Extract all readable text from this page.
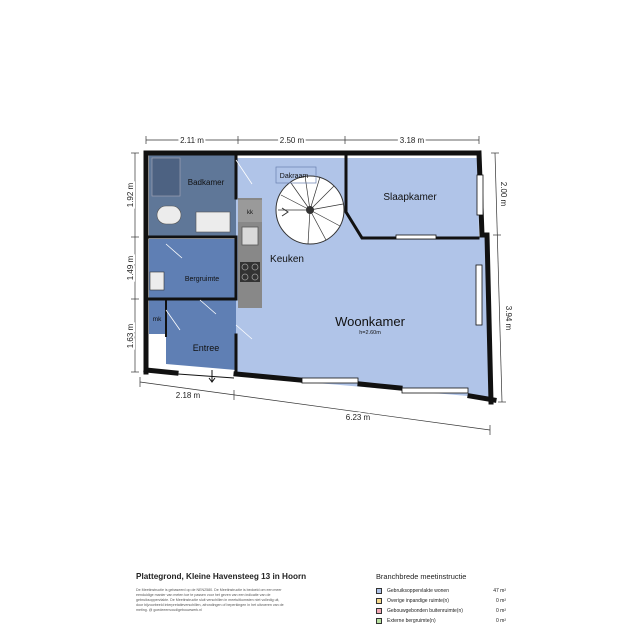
2.11 m	2.50 m	3.18 m
1.92 m
1.49 m
1.63 m
2.00 m
3.94 m
2.18 m
6.23 m
Badkamer
Dakraam
Slaapkamer
Keuken
kk
Bergruimte
Woonkamer
h=2.60m
mk
Entree
Plattegrond, Kleine Havensteeg 13 in Hoorn
De Meetinstructie is gebaseerd op de NEN2580. De Meetinstructie is bedoeld om een meer eenduidige manier van meten toe te passen voor het geven van een indicatie van de gebruiksoppervlakte. De Meetinstructie sluit verschillen in meetuitkomsten niet volledig uit, door bijvoorbeeld interpretatieverschillen, afrondingen of beperkingen in het uitvoeren van de meting. @ goedeeenvoudigebouwwerk.nl
Branchbrede meetinstructie
Gebruiksoppervlakte wonen	47 m²
Overige inpandige ruimte(n)	0 m²
Gebouwgebonden buitenruimte(n)	0 m²
Externe bergruimte(n)	0 m²
